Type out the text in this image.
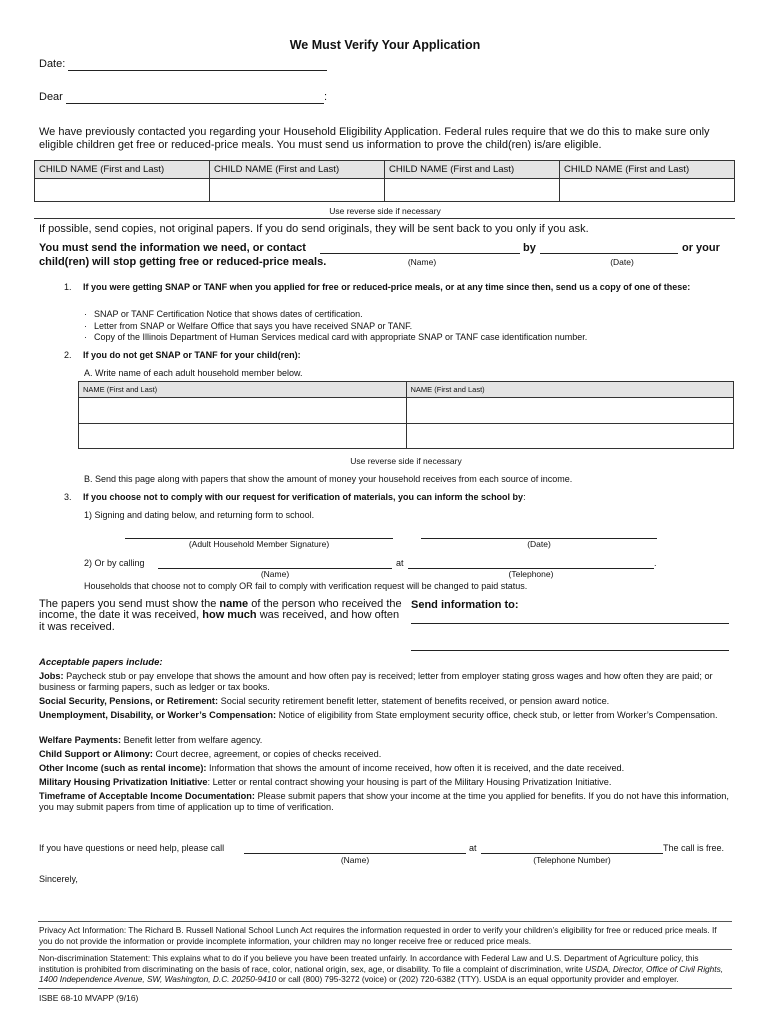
We Must Verify Your Application
Date:
Dear	:
We have previously contacted you regarding your Household Eligibility Application. Federal rules require that we do this to make sure only eligible children get free or reduced-price meals. You must send us information to prove the child(ren) is/are eligible.
CHILD NAME (First and Last)	CHILD NAME (First and Last)	CHILD NAME (First and Last)	CHILD NAME (First and Last)

Use reverse side if necessary
If possible, send copies, not original papers. If you do send originals, they will be sent back to you only if you ask.
You must send the information we need, or contact	by	or your
child(ren) will stop getting free or reduced-price meals.	(Name)	(Date)
1. If you were getting SNAP or TANF when you applied for free or reduced-price meals, or at any time since then, send us a copy of one of these:
· SNAP or TANF Certification Notice that shows dates of certification.
· Letter from SNAP or Welfare Office that says you have received SNAP or TANF.
· Copy of the Illinois Department of Human Services medical card with appropriate SNAP or TANF case identification number.
2. If you do not get SNAP or TANF for your child(ren):
A. Write name of each adult household member below.
NAME (First and Last)	NAME (First and Last)

Use reverse side if necessary
B. Send this page along with papers that show the amount of money your household receives from each source of income.
3. If you choose not to comply with our request for verification of materials, you can inform the school by:
1) Signing and dating below, and returning form to school.
(Adult Household Member Signature)	(Date)
2) Or by calling	at	.
(Name)	(Telephone)
Households that choose not to comply OR fail to comply with verification request will be changed to paid status.
The papers you send must show the name of the person who received the income, the date it was received, how much was received, and how often it was received.
Send information to:
Acceptable papers include:
Jobs: Paycheck stub or pay envelope that shows the amount and how often pay is received; letter from employer stating gross wages and how often they are paid; or business or farming papers, such as ledger or tax books.
Social Security, Pensions, or Retirement: Social security retirement benefit letter, statement of benefits received, or pension award notice.
Unemployment, Disability, or Worker’s Compensation: Notice of eligibility from State employment security office, check stub, or letter from Worker’s Compensation.
Welfare Payments: Benefit letter from welfare agency.
Child Support or Alimony: Court decree, agreement, or copies of checks received.
Other Income (such as rental income): Information that shows the amount of income received, how often it is received, and the date received.
Military Housing Privatization Initiative: Letter or rental contract showing your housing is part of the Military Housing Privatization Initiative.
Timeframe of Acceptable Income Documentation: Please submit papers that show your income at the time you applied for benefits. If you do not have this information, you may submit papers from time of application up to time of verification.
If you have questions or need help, please call	at	The call is free.
(Name)	(Telephone Number)
Sincerely,
Privacy Act Information: The Richard B. Russell National School Lunch Act requires the information requested in order to verify your children’s eligibility for free or reduced price meals. If you do not provide the information or provide incomplete information, your children may no longer receive free or reduced price meals.
Non-discrimination Statement: This explains what to do if you believe you have been treated unfairly. In accordance with Federal Law and U.S. Department of Agriculture policy, this institution is prohibited from discriminating on the basis of race, color, national origin, sex, age, or disability. To file a complaint of discrimination, write USDA, Director, Office of Civil Rights, 1400 Independence Avenue, SW, Washington, D.C. 20250-9410 or call (800) 795-3272 (voice) or (202) 720-6382 (TTY). USDA is an equal opportunity provider and employer.
ISBE 68-10 MVAPP (9/16)
